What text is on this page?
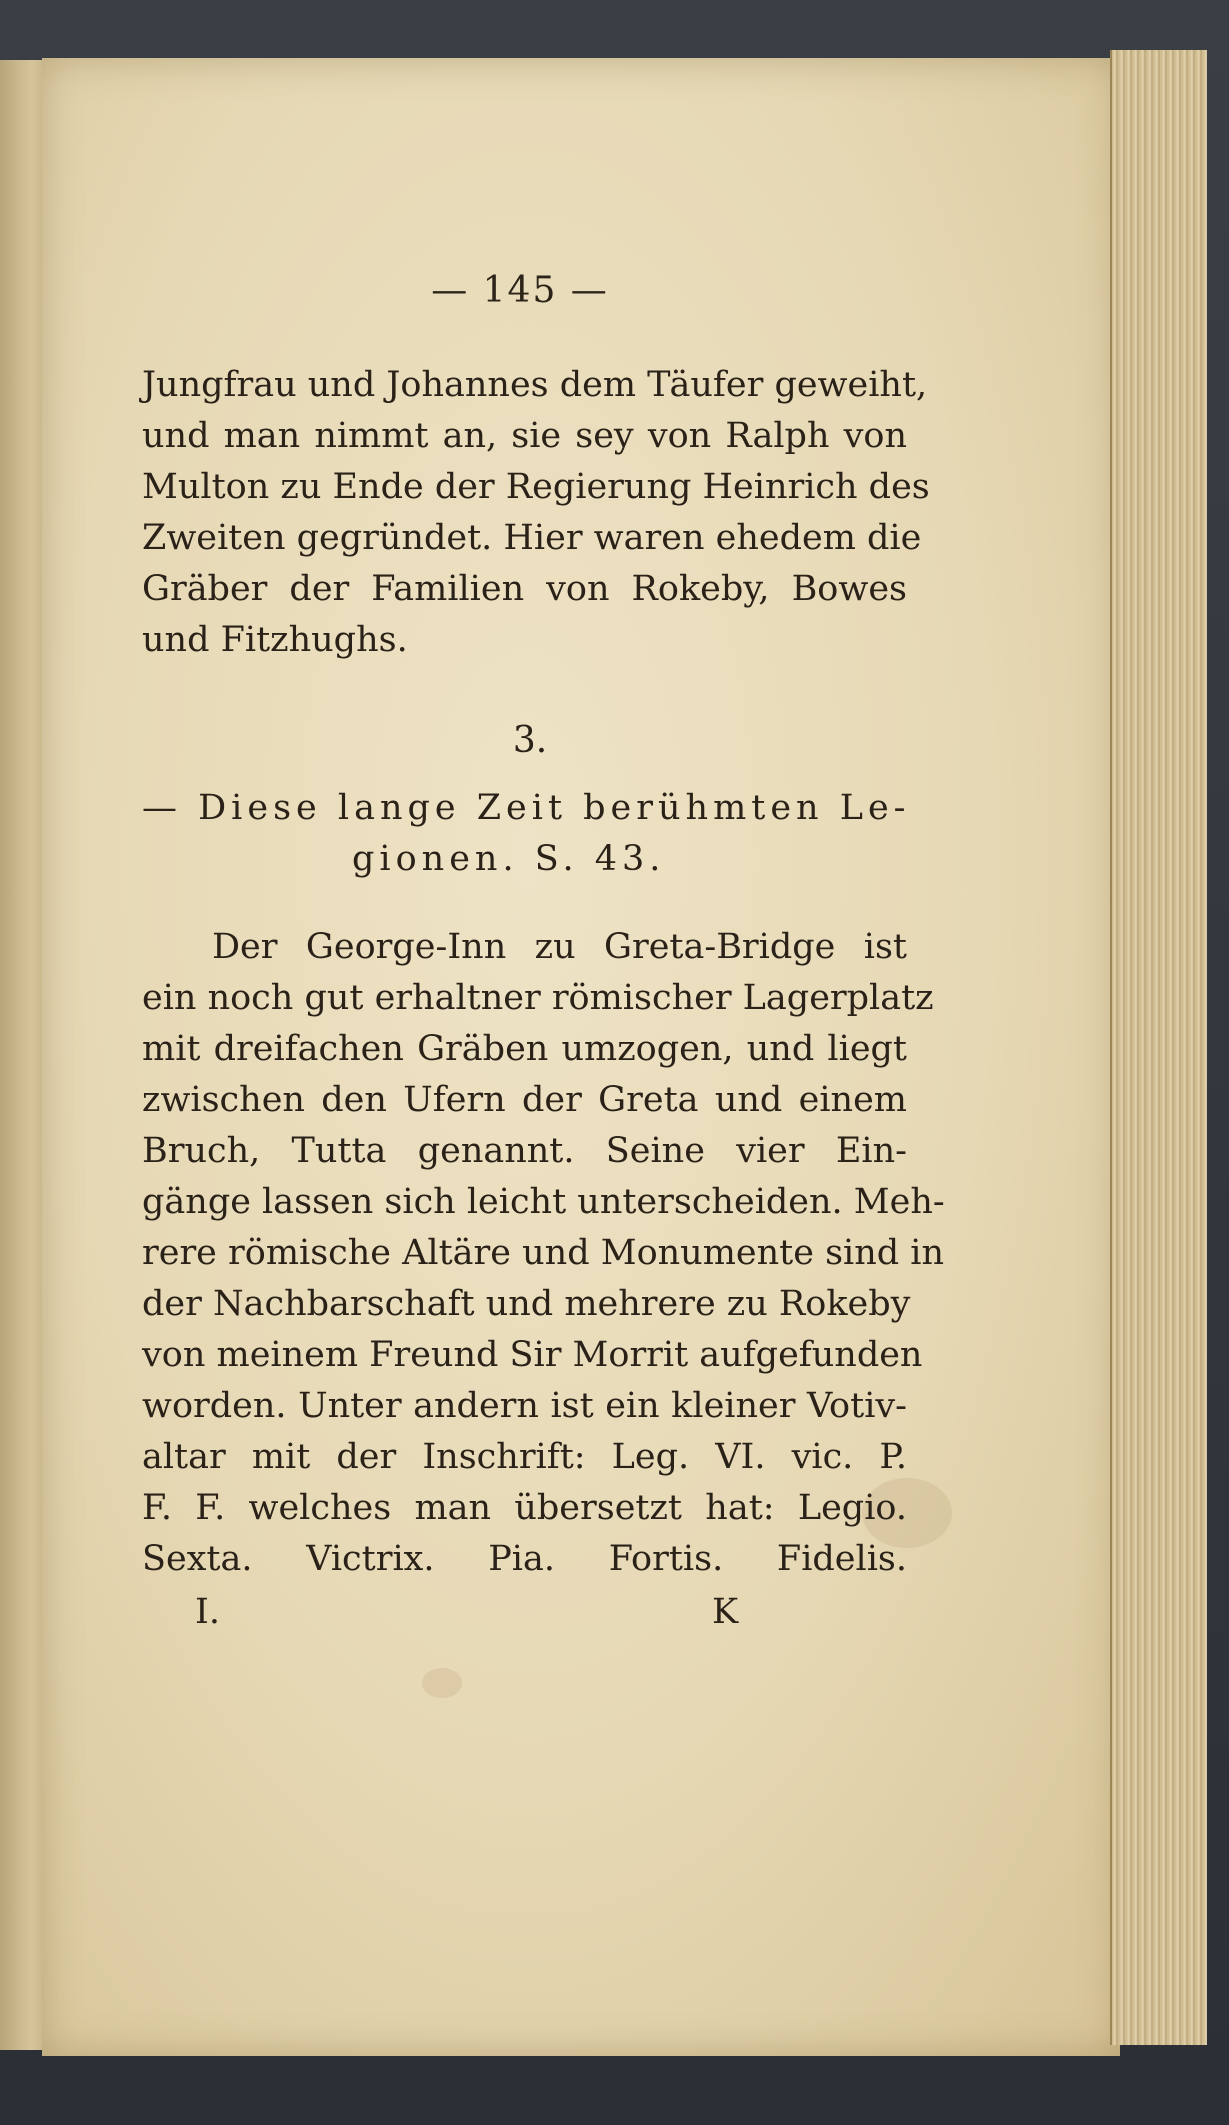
— 145 —
Jungfrau und Johannes dem Täufer geweiht,
und man nimmt an, sie sey von Ralph von
Multon zu Ende der Regierung Heinrich des
Zweiten gegründet. Hier waren ehedem die
Gräber der Familien von Rokeby, Bowes
und Fitzhughs.
3.
— Diese lange Zeit berühmten Le-
gionen. S. 43.
Der George-Inn zu Greta-Bridge ist
ein noch gut erhaltner römischer Lagerplatz
mit dreifachen Gräben umzogen, und liegt
zwischen den Ufern der Greta und einem
Bruch, Tutta genannt. Seine vier Ein-
gänge lassen sich leicht unterscheiden. Meh-
rere römische Altäre und Monumente sind in
der Nachbarschaft und mehrere zu Rokeby
von meinem Freund Sir Morrit aufgefunden
worden. Unter andern ist ein kleiner Votiv-
altar mit der Inschrift: Leg. VI. vic. P.
F. F. welches man übersetzt hat: Legio.
Sexta. Victrix. Pia. Fortis. Fidelis.
I.	K
